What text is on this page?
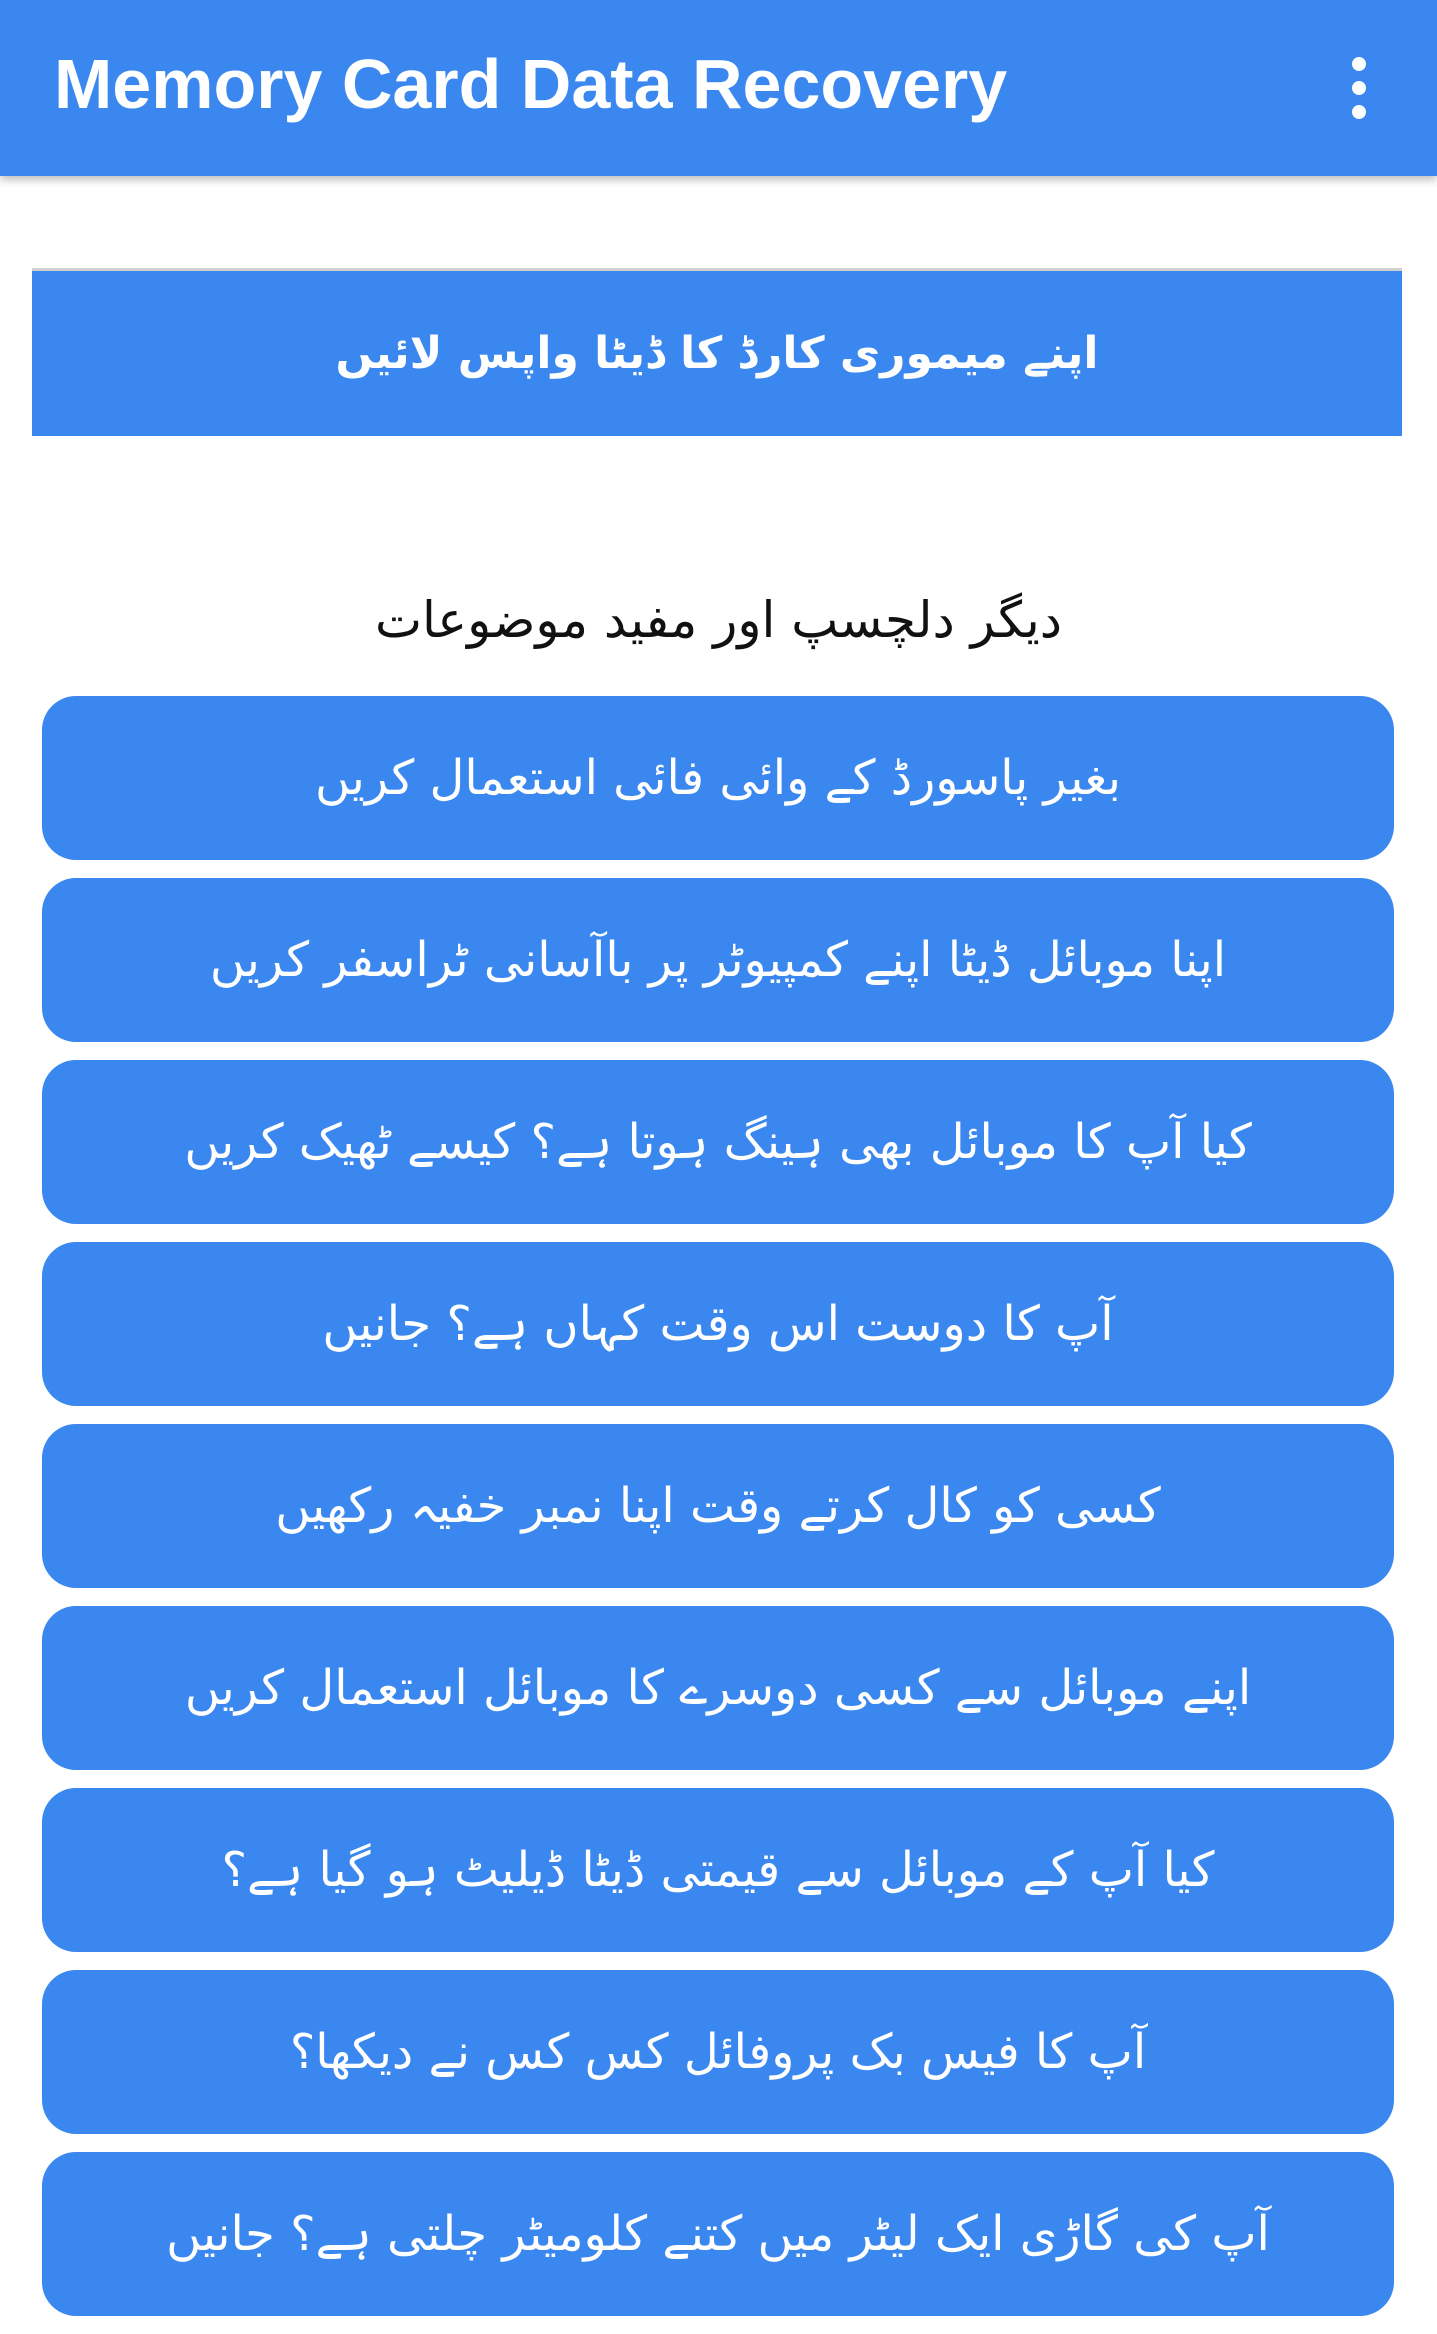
Memory Card Data Recovery
اپنے میموری کارڈ کا ڈیٹا واپس لائیں
دیگر دلچسپ اور مفید موضوعات
بغیر پاسورڈ کے وائی فائی استعمال کریں
اپنا موبائل ڈیٹا اپنے کمپیوٹر پر باآسانی ٹراسفر کریں
کیا آپ کا موبائل بھی ہینگ ہوتا ہے؟ کیسے ٹھیک کریں
آپ کا دوست اس وقت کہاں ہے؟ جانیں
کسی کو کال کرتے وقت اپنا نمبر خفیہ رکھیں
اپنے موبائل سے کسی دوسرے کا موبائل استعمال کریں
کیا آپ کے موبائل سے قیمتی ڈیٹا ڈیلیٹ ہو گیا ہے؟
آپ کا فیس بک پروفائل کس کس نے دیکھا؟
آپ کی گاڑی ایک لیٹر میں کتنے کلومیٹر چلتی ہے؟ جانیں
